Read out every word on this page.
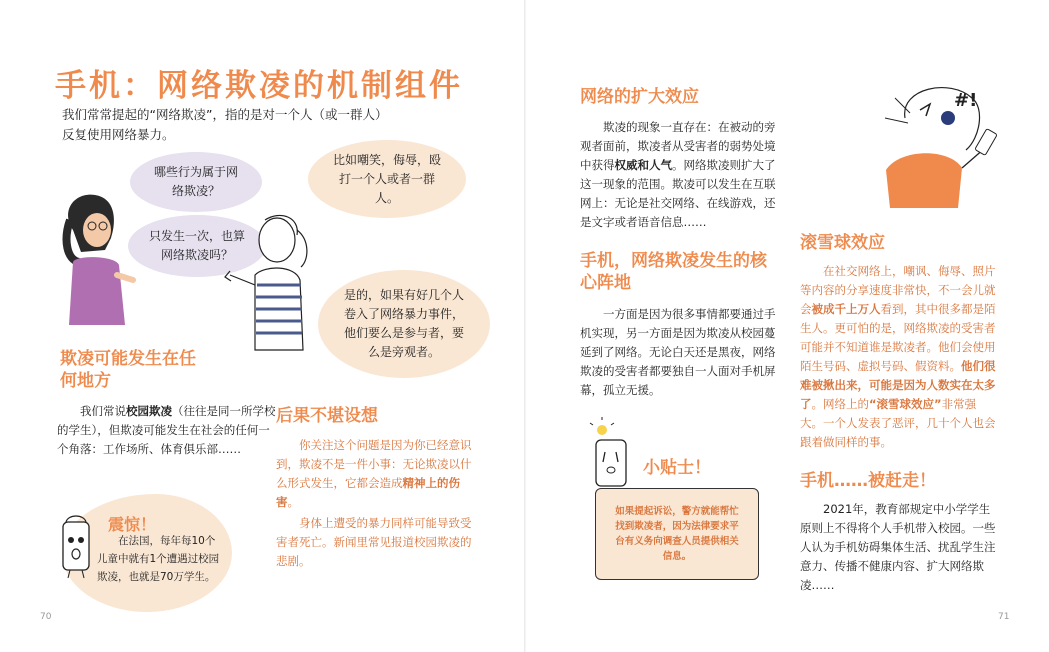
手机：网络欺凌的机制组件
我们常常提起的“网络欺凌”，指的是对一个人（或一群人）反复使用网络暴力。
哪些行为属于网络欺凌？
只发生一次，也算网络欺凌吗？
比如嘲笑，侮辱，殴打一个人或者一群人。
是的，如果有好几个人卷入了网络暴力事件，他们要么是参与者，要么是旁观者。
欺凌可能发生在任何地方
我们常说校园欺凌（往往是同一所学校的学生），但欺凌可能发生在社会的任何一个角落：工作场所、体育俱乐部……
震惊！
在法国，每年每10个儿童中就有1个遭遇过校园欺凌，也就是70万学生。
后果不堪设想
你关注这个问题是因为你已经意识到，欺凌不是一件小事：无论欺凌以什么形式发生，它都会造成精神上的伤害。
身体上遭受的暴力同样可能导致受害者死亡。新闻里常见报道校园欺凌的悲剧。
70
网络的扩大效应
欺凌的现象一直存在：在被动的旁观者面前，欺凌者从受害者的弱势处境中获得权威和人气。网络欺凌则扩大了这一现象的范围。欺凌可以发生在互联网上：无论是社交网络、在线游戏，还是文字或者语音信息……
手机，网络欺凌发生的核心阵地
一方面是因为很多事情都要通过手机实现，另一方面是因为欺凌从校园蔓延到了网络。无论白天还是黑夜，网络欺凌的受害者都要独自一人面对手机屏幕，孤立无援。
小贴士！
如果提起诉讼，警方就能帮忙找到欺凌者，因为法律要求平台有义务向调查人员提供相关信息。
#!
滚雪球效应
在社交网络上，嘲讽、侮辱、照片等内容的分享速度非常快，不一会儿就会被成千上万人看到，其中很多都是陌生人。更可怕的是，网络欺凌的受害者可能并不知道谁是欺凌者。他们会使用陌生号码、虚拟号码、假资料。他们很难被揪出来，可能是因为人数实在太多了。网络上的“滚雪球效应”非常强大。一个人发表了恶评，几十个人也会跟着做同样的事。
手机……被赶走！
2021年，教育部规定中小学学生原则上不得将个人手机带入校园。一些人认为手机妨碍集体生活、扰乱学生注意力、传播不健康内容、扩大网络欺凌……
71
